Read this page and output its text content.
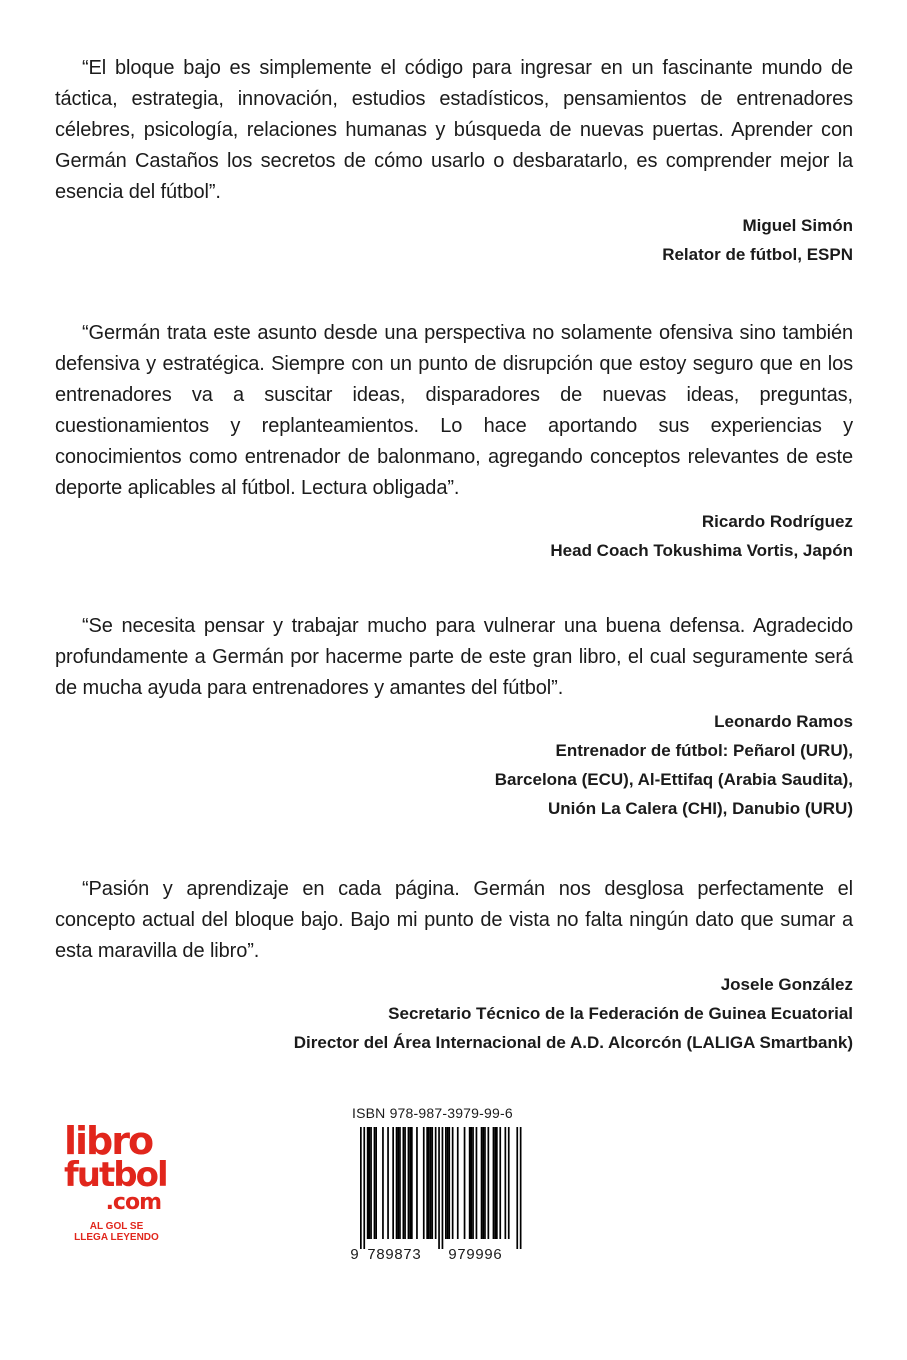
“El bloque bajo es simplemente el código para ingresar en un fascinante mundo de táctica, estrategia, innovación, estudios estadísticos, pensamientos de entrenadores célebres, psicología, relaciones humanas y búsqueda de nuevas puertas. Aprender con Germán Castaños los secretos de cómo usarlo o desbaratarlo, es comprender mejor la esencia del fútbol”.

Miguel Simón
Relator de fútbol, ESPN

“Germán trata este asunto desde una perspectiva no solamente ofensiva sino también defensiva y estratégica. Siempre con un punto de disrupción que estoy seguro que en los entrenadores va a suscitar ideas, disparadores de nuevas ideas, preguntas, cuestionamientos y replanteamientos. Lo hace aportando sus experiencias y conocimientos como entrenador de balonmano, agregando conceptos relevantes de este deporte aplicables al fútbol. Lectura obligada”.

Ricardo Rodríguez
Head Coach Tokushima Vortis, Japón

“Se necesita pensar y trabajar mucho para vulnerar una buena defensa. Agradecido profundamente a Germán por hacerme parte de este gran libro, el cual seguramente será de mucha ayuda para entrenadores y amantes del fútbol”.

Leonardo Ramos
Entrenador de fútbol: Peñarol (URU),
Barcelona (ECU), Al-Ettifaq (Arabia Saudita),
Unión La Calera (CHI), Danubio (URU)

“Pasión y aprendizaje en cada página. Germán nos desglosa perfectamente el concepto actual del bloque bajo. Bajo mi punto de vista no falta ningún dato que sumar a esta maravilla de libro”.

Josele González
Secretario Técnico de la Federación de Guinea Ecuatorial
Director del Área Internacional de A.D. Alcorcón (LALIGA Smartbank)
libro
futbol
.com
AL GOL SE
LLEGA LEYENDO
ISBN 978-987-3979-99-6
9 789873 979996
